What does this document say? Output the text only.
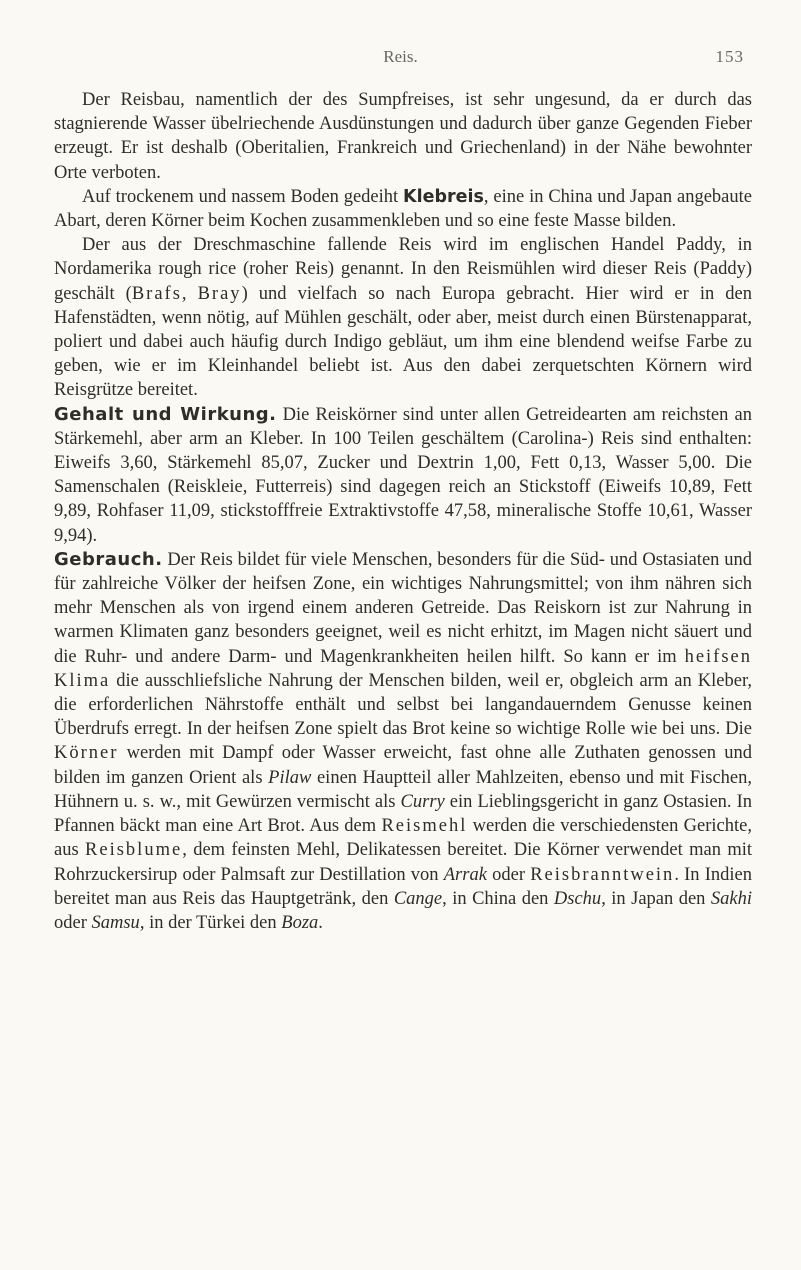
Reis.	153

Der Reisbau, namentlich der des Sumpfreises, ist sehr ungesund, da er durch das stagnierende Wasser übelriechende Ausdünstungen und dadurch über ganze Gegenden Fieber erzeugt. Er ist deshalb (Oberitalien, Frankreich und Griechenland) in der Nähe bewohnter Orte verboten.

Auf trockenem und nassem Boden gedeiht Klebreis, eine in China und Japan angebaute Abart, deren Körner beim Kochen zusammenkleben und so eine feste Masse bilden.

Der aus der Dreschmaschine fallende Reis wird im englischen Handel Paddy, in Nordamerika rough rice (roher Reis) genannt. In den Reismühlen wird dieser Reis (Paddy) geschält (Brafs, Bray) und vielfach so nach Europa gebracht. Hier wird er in den Hafenstädten, wenn nötig, auf Mühlen geschält, oder aber, meist durch einen Bürstenapparat, poliert und dabei auch häufig durch Indigo gebläut, um ihm eine blendend weifse Farbe zu geben, wie er im Kleinhandel beliebt ist. Aus den dabei zerquetschten Körnern wird Reisgrütze bereitet.

Gehalt und Wirkung. Die Reiskörner sind unter allen Getreidearten am reichsten an Stärkemehl, aber arm an Kleber. In 100 Teilen geschältem (Carolina-) Reis sind enthalten: Eiweifs 3,60, Stärkemehl 85,07, Zucker und Dextrin 1,00, Fett 0,13, Wasser 5,00. Die Samenschalen (Reiskleie, Futterreis) sind dagegen reich an Stickstoff (Eiweifs 10,89, Fett 9,89, Rohfaser 11,09, stickstofffreie Extraktivstoffe 47,58, mineralische Stoffe 10,61, Wasser 9,94).

Gebrauch. Der Reis bildet für viele Menschen, besonders für die Süd- und Ostasiaten und für zahlreiche Völker der heifsen Zone, ein wichtiges Nahrungsmittel; von ihm nähren sich mehr Menschen als von irgend einem anderen Getreide. Das Reiskorn ist zur Nahrung in warmen Klimaten ganz besonders geeignet, weil es nicht erhitzt, im Magen nicht säuert und die Ruhr- und andere Darm- und Magenkrankheiten heilen hilft. So kann er im heifsen Klima die ausschliefsliche Nahrung der Menschen bilden, weil er, obgleich arm an Kleber, die erforderlichen Nährstoffe enthält und selbst bei langandauerndem Genusse keinen Überdrufs erregt. In der heifsen Zone spielt das Brot keine so wichtige Rolle wie bei uns. Die Körner werden mit Dampf oder Wasser erweicht, fast ohne alle Zuthaten genossen und bilden im ganzen Orient als Pilaw einen Hauptteil aller Mahlzeiten, ebenso und mit Fischen, Hühnern u. s. w., mit Gewürzen vermischt als Curry ein Lieblingsgericht in ganz Ostasien. In Pfannen bäckt man eine Art Brot. Aus dem Reismehl werden die verschiedensten Gerichte, aus Reisblume, dem feinsten Mehl, Delikatessen bereitet. Die Körner verwendet man mit Rohrzuckersirup oder Palmsaft zur Destillation von Arrak oder Reisbranntwein. In Indien bereitet man aus Reis das Hauptgetränk, den Cange, in China den Dschu, in Japan den Sakhi oder Samsu, in der Türkei den Boza.
